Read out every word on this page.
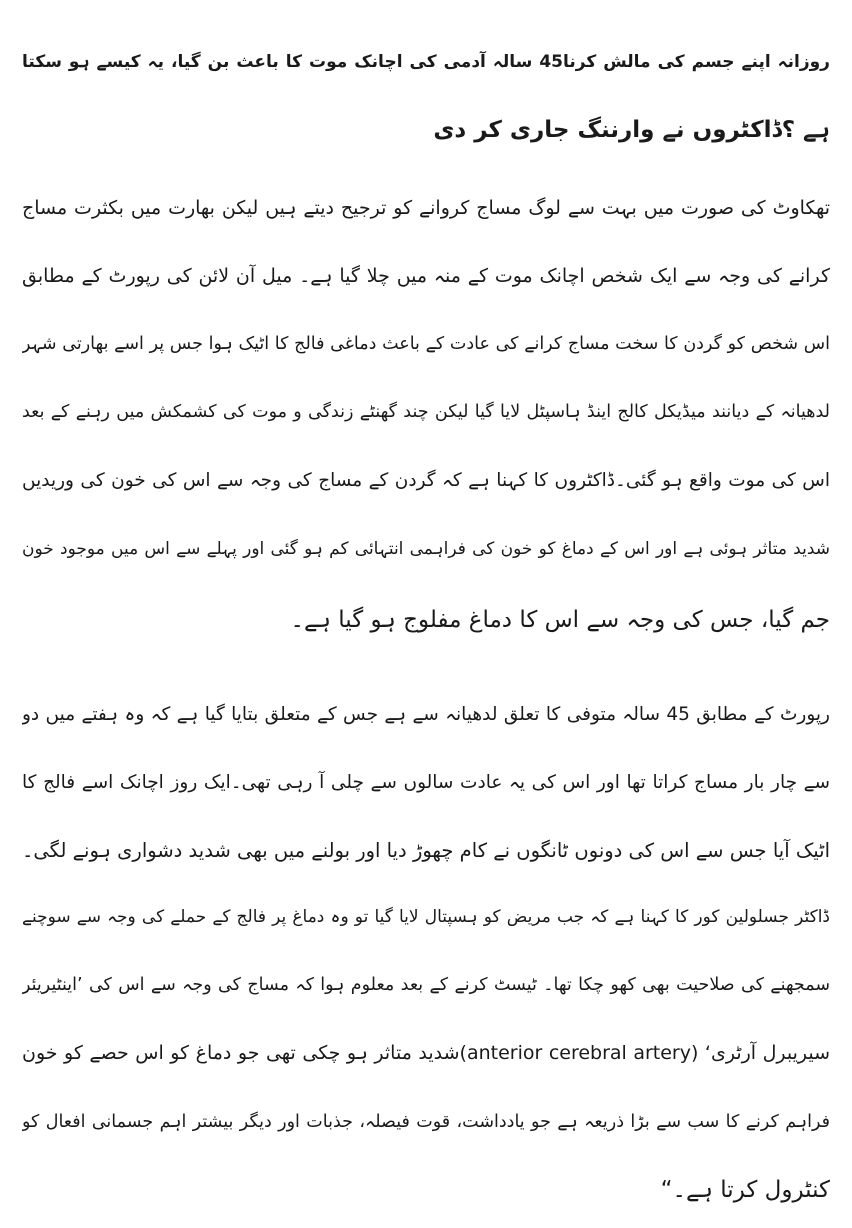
روزانہ اپنے جسم کی مالش کرنا45 سالہ آدمی کی اچانک موت کا باعث بن گیا، یہ کیسے ہو سکتا
ہے ؟ڈاکٹروں نے وارننگ جاری کر دی
تھکاوٹ کی صورت میں بہت سے لوگ مساج کروانے کو ترجیح دیتے ہیں لیکن بھارت میں بکثرت مساج
کرانے کی وجہ سے ایک شخص اچانک موت کے منہ میں چلا گیا ہے۔ میل آن لائن کی رپورٹ کے مطابق
اس شخص کو گردن کا سخت مساج کرانے کی عادت کے باعث دماغی فالج کا اٹیک ہوا جس پر اسے بھارتی شہر
لدھیانہ کے دیانند میڈیکل کالج اینڈ ہاسپٹل لایا گیا لیکن چند گھنٹے زندگی و موت کی کشمکش میں رہنے کے بعد
اس کی موت واقع ہو گئی۔ڈاکٹروں کا کہنا ہے کہ گردن کے مساج کی وجہ سے اس کی خون کی وریدیں
شدید متاثر ہوئی ہے اور اس کے دماغ کو خون کی فراہمی انتہائی کم ہو گئی اور پہلے سے اس میں موجود خون
جم گیا، جس کی وجہ سے اس کا دماغ مفلوج ہو گیا ہے۔
رپورٹ کے مطابق 45 سالہ متوفی کا تعلق لدھیانہ سے ہے جس کے متعلق بتایا گیا ہے کہ وہ ہفتے میں دو
سے چار بار مساج کراتا تھا اور اس کی یہ عادت سالوں سے چلی آ رہی تھی۔ایک روز اچانک اسے فالج کا
اٹیک آیا جس سے اس کی دونوں ٹانگوں نے کام چھوڑ دیا اور بولنے میں بھی شدید دشواری ہونے لگی۔
ڈاکٹر جسلولین کور کا کہنا ہے کہ جب مریض کو ہسپتال لایا گیا تو وہ دماغ پر فالج کے حملے کی وجہ سے سوچنے
سمجھنے کی صلاحیت بھی کھو چکا تھا۔ ٹیسٹ کرنے کے بعد معلوم ہوا کہ مساج کی وجہ سے اس کی ’اینٹیریئر
سیریبرل آرٹری‘ (anterior cerebral artery)شدید متاثر ہو چکی تھی جو دماغ کو اس حصے کو خون
فراہم کرنے کا سب سے بڑا ذریعہ ہے جو یادداشت، قوت فیصلہ، جذبات اور دیگر بیشتر اہم جسمانی افعال کو
کنٹرول کرتا ہے۔“
